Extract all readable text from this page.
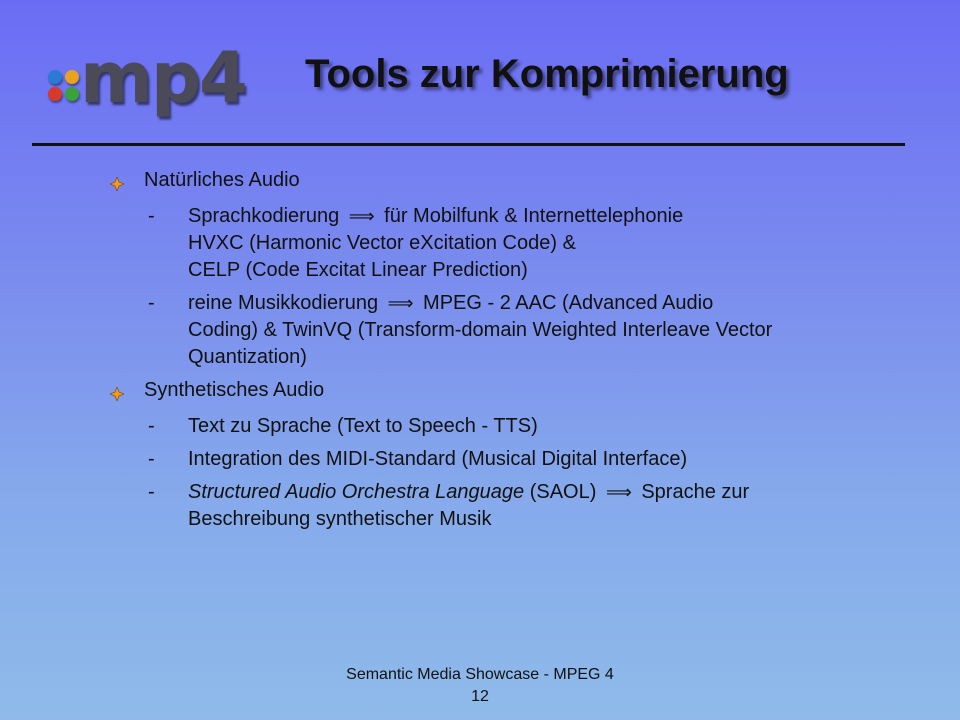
mp4 Tools zur Komprimierung
Natürliches Audio
-	Sprachkodierung ⟹ für Mobilfunk & Internettelephonie
HVXC (Harmonic Vector eXcitation Code) &
CELP (Code Excitat Linear Prediction)
-	reine Musikkodierung ⟹ MPEG - 2 AAC (Advanced Audio
Coding) & TwinVQ (Transform-domain Weighted Interleave Vector
Quantization)
Synthetisches Audio
-	Text zu Sprache (Text to Speech - TTS)
-	Integration des MIDI-Standard (Musical Digital Interface)
-	Structured Audio Orchestra Language (SAOL) ⟹ Sprache zur
Beschreibung synthetischer Musik
Semantic Media Showcase - MPEG 4
12
